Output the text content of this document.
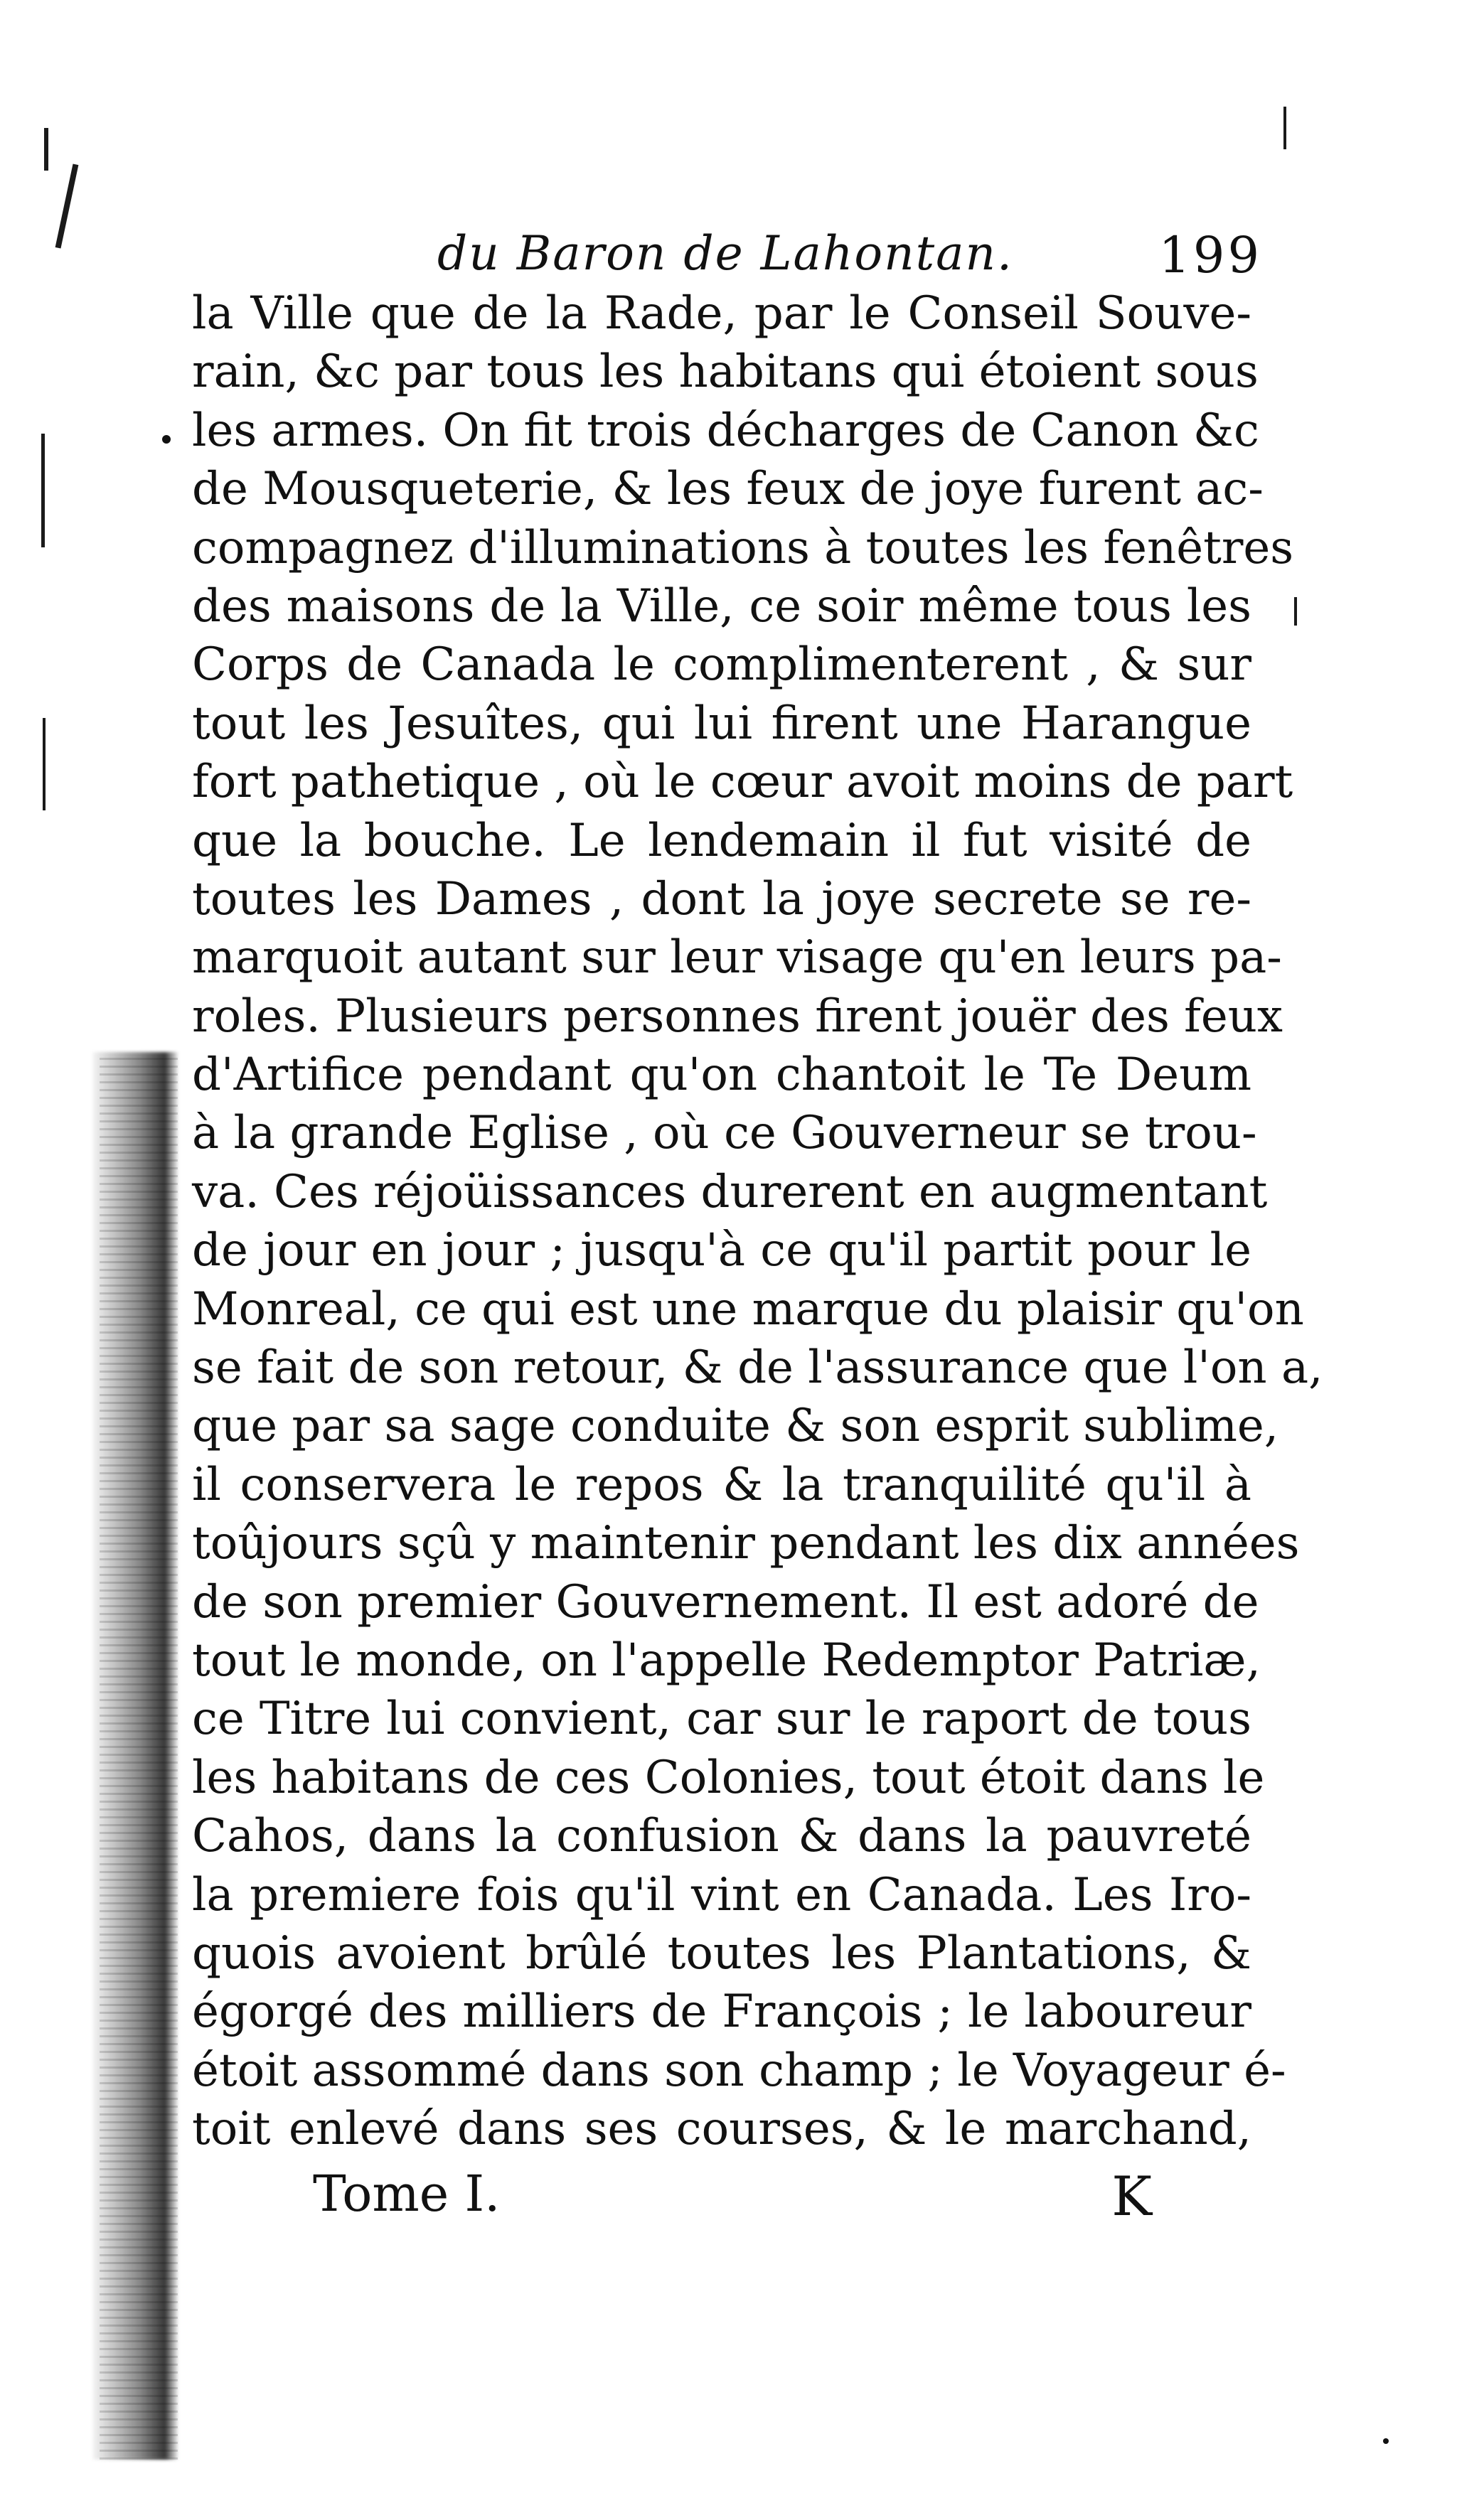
du Baron de Lahontan.	199
la Ville que de la Rade, par le Conseil Souve-
rain, &c par tous les habitans qui étoient sous
les armes. On fit trois décharges de Canon &c
de Mousqueterie, & les feux de joye furent ac-
compagnez d'illuminations à toutes les fenêtres
des maisons de la Ville, ce soir même tous les
Corps de Canada le complimenterent , & sur
tout les Jesuîtes, qui lui firent une Harangue
fort pathetique , où le cœur avoit moins de part
que la bouche. Le lendemain il fut visité de
toutes les Dames , dont la joye secrete se re-
marquoit autant sur leur visage qu'en leurs pa-
roles. Plusieurs personnes firent jouër des feux
d'Artifice pendant qu'on chantoit le Te Deum
à la grande Eglise , où ce Gouverneur se trou-
va. Ces réjoüissances durerent en augmentant
de jour en jour ; jusqu'à ce qu'il partit pour le
Monreal, ce qui est une marque du plaisir qu'on
se fait de son retour, & de l'assurance que l'on a,
que par sa sage conduite & son esprit sublime,
il conservera le repos & la tranquilité qu'il à
toûjours sçû y maintenir pendant les dix années
de son premier Gouvernement. Il est adoré de
tout le monde, on l'appelle Redemptor Patriæ,
ce Titre lui convient, car sur le raport de tous
les habitans de ces Colonies, tout étoit dans le
Cahos, dans la confusion & dans la pauvreté
la premiere fois qu'il vint en Canada. Les Iro-
quois avoient brûlé toutes les Plantations, &
égorgé des milliers de François ; le laboureur
étoit assommé dans son champ ; le Voyageur é-
toit enlevé dans ses courses, & le marchand,
Tome I.	K
